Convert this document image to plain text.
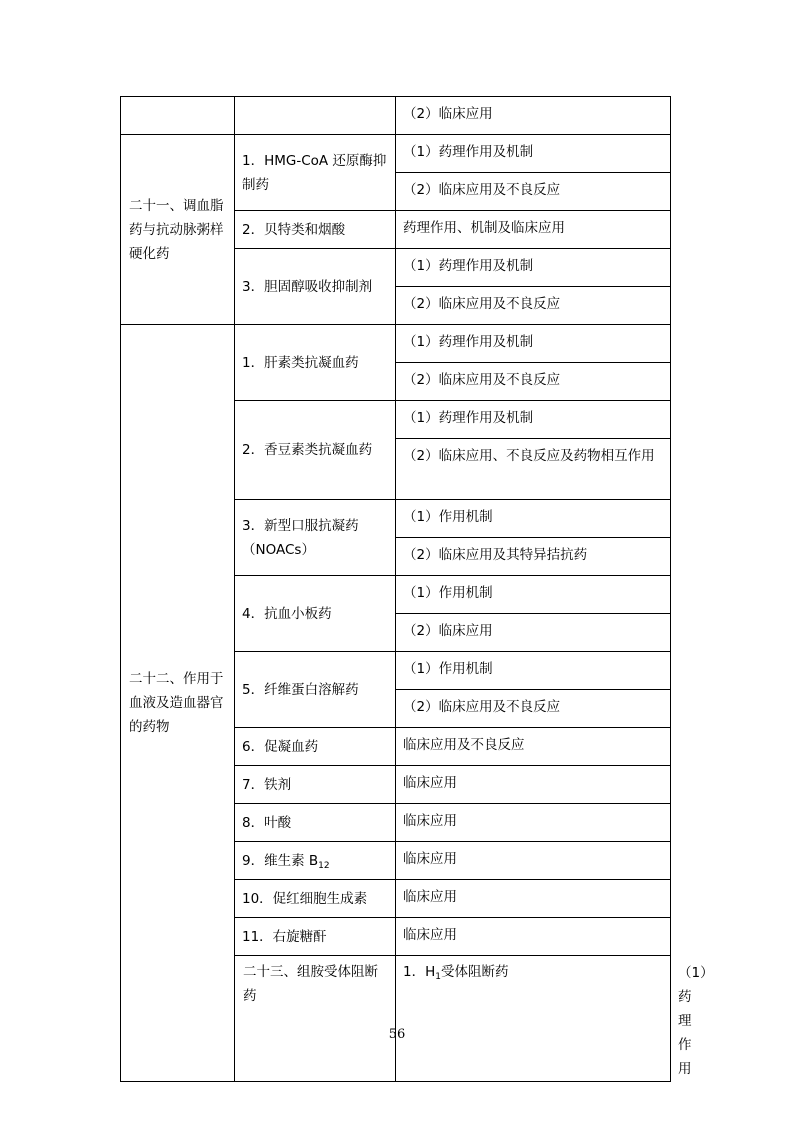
		（2）临床应用	
二十一、调血脂药与抗动脉粥样硬化药	1．HMG-CoA 还原酶抑制药	（1）药理作用及机制	
		（2）临床应用及不良反应	
	2．贝特类和烟酸	药理作用、机制及临床应用	
	3．胆固醇吸收抑制剂	（1）药理作用及机制	
		（2）临床应用及不良反应	
二十二、作用于血液及造血器官的药物	1．肝素类抗凝血药	（1）药理作用及机制	
		（2）临床应用及不良反应	
	2．香豆素类抗凝血药	（1）药理作用及机制	
		（2）临床应用、不良反应及药物相互作用	
	3．新型口服抗凝药（NOACs）	（1）作用机制	
		（2）临床应用及其特异拮抗药	
	4．抗血小板药	（1）作用机制	
		（2）临床应用	
	5．纤维蛋白溶解药	（1）作用机制	
		（2）临床应用及不良反应	
	6．促凝血药	临床应用及不良反应	
	7．铁剂	临床应用	
	8．叶酸	临床应用	
	9．维生素 $B_{12}$	临床应用	
	10．促红细胞生成素	临床应用	
	11．右旋糖酐	临床应用	
	二十三、组胺受体阻断药	1．$H_1$受体阻断药	（1）药理作用
56
